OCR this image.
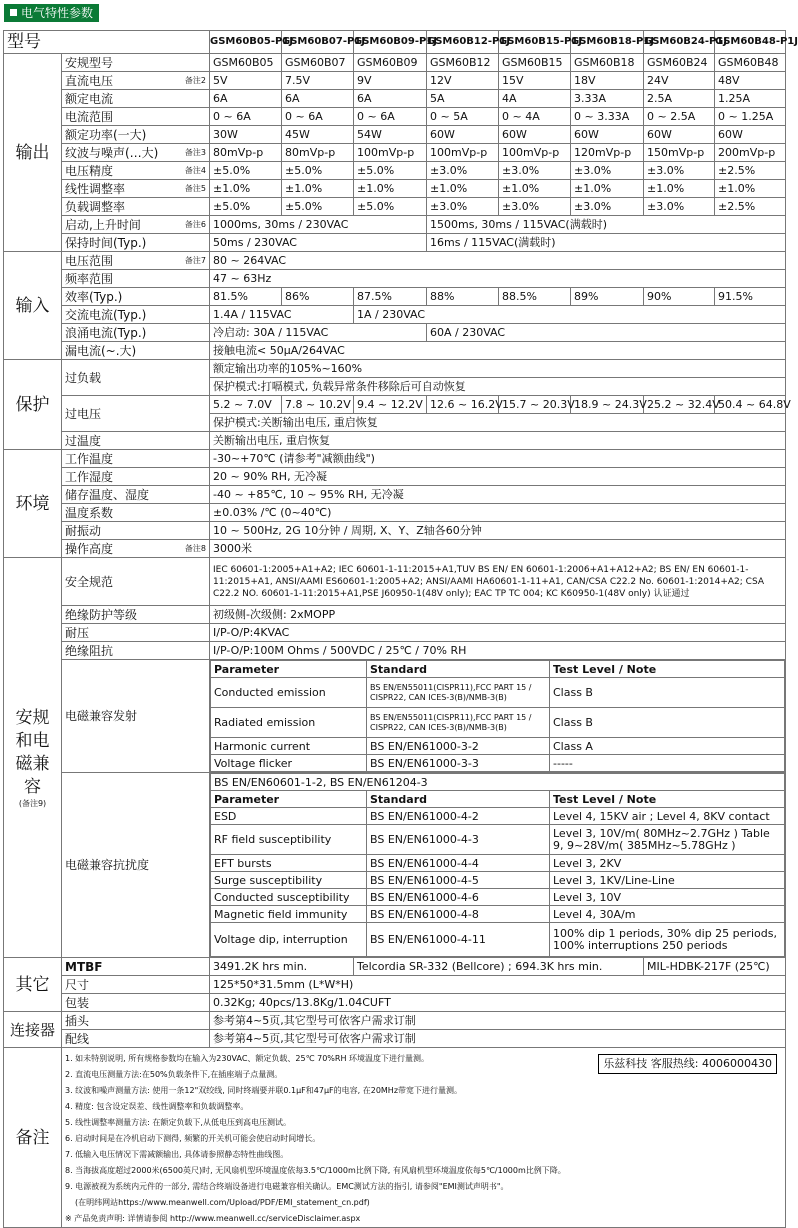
电气特性参数
型号	GSM60B05-P1J	GSM60B07-P1J	GSM60B09-P1J	GSM60B12-P1J	GSM60B15-P1J	GSM60B18-P1J	GSM60B24-P1J	GSM60B48-P1J
输出	安规型号	GSM60B05	GSM60B07	GSM60B09	GSM60B12	GSM60B15	GSM60B18	GSM60B24	GSM60B48
直流电压	备注2	5V	7.5V	9V	12V	15V	18V	24V	48V
额定电流	6A	6A	6A	5A	4A	3.33A	2.5A	1.25A
电流范围	0 ~ 6A	0 ~ 6A	0 ~ 6A	0 ~ 5A	0 ~ 4A	0 ~ 3.33A	0 ~ 2.5A	0 ~ 1.25A
额定功率(一大)	30W	45W	54W	60W	60W	60W	60W	60W
纹波与噪声(…大)	备注3	80mVp-p	80mVp-p	100mVp-p	100mVp-p	100mVp-p	120mVp-p	150mVp-p	200mVp-p
电压精度	备注4	±5.0%	±5.0%	±5.0%	±3.0%	±3.0%	±3.0%	±3.0%	±2.5%
线性调整率	备注5	±1.0%	±1.0%	±1.0%	±1.0%	±1.0%	±1.0%	±1.0%	±1.0%
负载调整率	±5.0%	±5.0%	±5.0%	±3.0%	±3.0%	±3.0%	±3.0%	±2.5%
启动,上升时间	备注6	1000ms, 30ms / 230VAC	1500ms, 30ms / 115VAC(满载时)
保持时间(Typ.)	50ms / 230VAC	16ms / 115VAC(满载时)
输入	电压范围	备注7	80 ~ 264VAC
频率范围	47 ~ 63Hz
效率(Typ.)	81.5%	86%	87.5%	88%	88.5%	89%	90%	91.5%
交流电流(Typ.)	1.4A / 115VAC	1A / 230VAC
浪涌电流(Typ.)	冷启动: 30A / 115VAC	60A / 230VAC
漏电流(~.大)	接触电流< 50μA/264VAC
保护	过负载	额定输出功率的105%~160%
保护模式:打嗝模式, 负载异常条件移除后可自动恢复
过电压	5.2 ~ 7.0V	7.8 ~ 10.2V	9.4 ~ 12.2V	12.6 ~ 16.2V	15.7 ~ 20.3V	18.9 ~ 24.3V	25.2 ~ 32.4V	50.4 ~ 64.8V
保护模式:关断输出电压, 重启恢复
过温度	关断输出电压, 重启恢复
环境	工作温度	-30~+70℃ (请参考"减额曲线")
工作湿度	20 ~ 90% RH, 无冷凝
储存温度、湿度	-40 ~ +85℃, 10 ~ 95% RH, 无冷凝
温度系数	±0.03% /℃ (0~40℃)
耐振动	10 ~ 500Hz, 2G 10分钟 / 周期, X、Y、Z轴各60分钟
操作高度	备注8	3000米

安规和电磁兼容
(备注9)
	安全规范	IEC 60601-1:2005+A1+A2; IEC 60601-1-11:2015+A1,TUV BS EN/ EN 60601-1:2006+A1+A12+A2; BS EN/ EN 60601-1-11:2015+A1, ANSI/AAMI ES60601-1:2005+A2; ANSI/AAMI HA60601-1-11+A1, CAN/CSA C22.2 No. 60601-1:2014+A2; CSA C22.2 NO. 60601-1-11:2015+A1,PSE J60950-1(48V only); EAC TP TC 004; KC K60950-1(48V only) 认证通过
绝缘防护等级	初级侧-次级侧: 2xMOPP
耐压	I/P-O/P:4KVAC
绝缘阻抗	I/P-O/P:100M Ohms / 500VDC / 25℃ / 70% RH
电磁兼容发射	
Parameter	Standard	Test Level / Note
Conducted emission	BS EN/EN55011(CISPR11),FCC PART 15 / CISPR22, CAN ICES-3(B)/NMB-3(B)	Class B
Radiated emission	BS EN/EN55011(CISPR11),FCC PART 15 / CISPR22, CAN ICES-3(B)/NMB-3(B)	Class B
Harmonic current	BS EN/EN61000-3-2	Class A
Voltage flicker	BS EN/EN61000-3-3	-----

电磁兼容抗扰度	
BS EN/EN60601-1-2, BS EN/EN61204-3
Parameter	Standard	Test Level / Note
ESD	BS EN/EN61000-4-2	Level 4, 15KV air ; Level 4, 8KV contact
RF field susceptibility	BS EN/EN61000-4-3	Level 3, 10V/m( 80MHz~2.7GHz ) Table 9, 9~28V/m( 385MHz~5.78GHz )
EFT bursts	BS EN/EN61000-4-4	Level 3, 2KV
Surge susceptibility	BS EN/EN61000-4-5	Level 3, 1KV/Line-Line
Conducted susceptibility	BS EN/EN61000-4-6	Level 3, 10V
Magnetic field immunity	BS EN/EN61000-4-8	Level 4, 30A/m
Voltage dip, interruption	BS EN/EN61000-4-11	100% dip 1 periods, 30% dip 25 periods, 100% interruptions 250 periods

其它	MTBF	3491.2K hrs min.	Telcordia SR-332 (Bellcore) ; 694.3K hrs min.	MIL-HDBK-217F (25℃)
尺寸	125*50*31.5mm (L*W*H)
包装	0.32Kg; 40pcs/13.8Kg/1.04CUFT
连接器	插头	参考第4~5页,其它型号可依客户需求订制
配线	参考第4~5页,其它型号可依客户需求订制
备注	
乐兹科技 客服热线: 4006000430
1. 如未特别说明, 所有规格参数均在输入为230VAC、额定负载、25℃ 70%RH 环境温度下进行量测。
2. 直流电压测量方法:在50%负载条件下,在插座端子点量测。
3. 纹波和噪声测量方法: 使用一条12"双绞线, 同时终端要并联0.1μF和47μF的电容, 在20MHz带宽下进行量测。
4. 精度: 包含设定误差、线性调整率和负载调整率。
5. 线性调整率测量方法: 在额定负载下,从低电压到高电压测试。
6. 启动时间是在冷机启动下测得, 频繁的开关机可能会使启动时间增长。
7. 低输入电压情况下需减额输出, 具体请参照静态特性曲线图。
8. 当海拔高度超过2000米(6500英尺)时, 无风扇机型环境温度依每3.5℃/1000m比例下降, 有风扇机型环境温度依每5℃/1000m比例下降。
9. 电源被视为系统内元件的一部分, 需结合终端设备进行电磁兼容相关确认。EMC测试方法的指引, 请参阅"EMI测试声明书"。
(在明纬网站https://www.meanwell.com/Upload/PDF/EMI_statement_cn.pdf)
※ 产品免责声明: 详情请参阅 http://www.meanwell.cc/serviceDisclaimer.aspx
